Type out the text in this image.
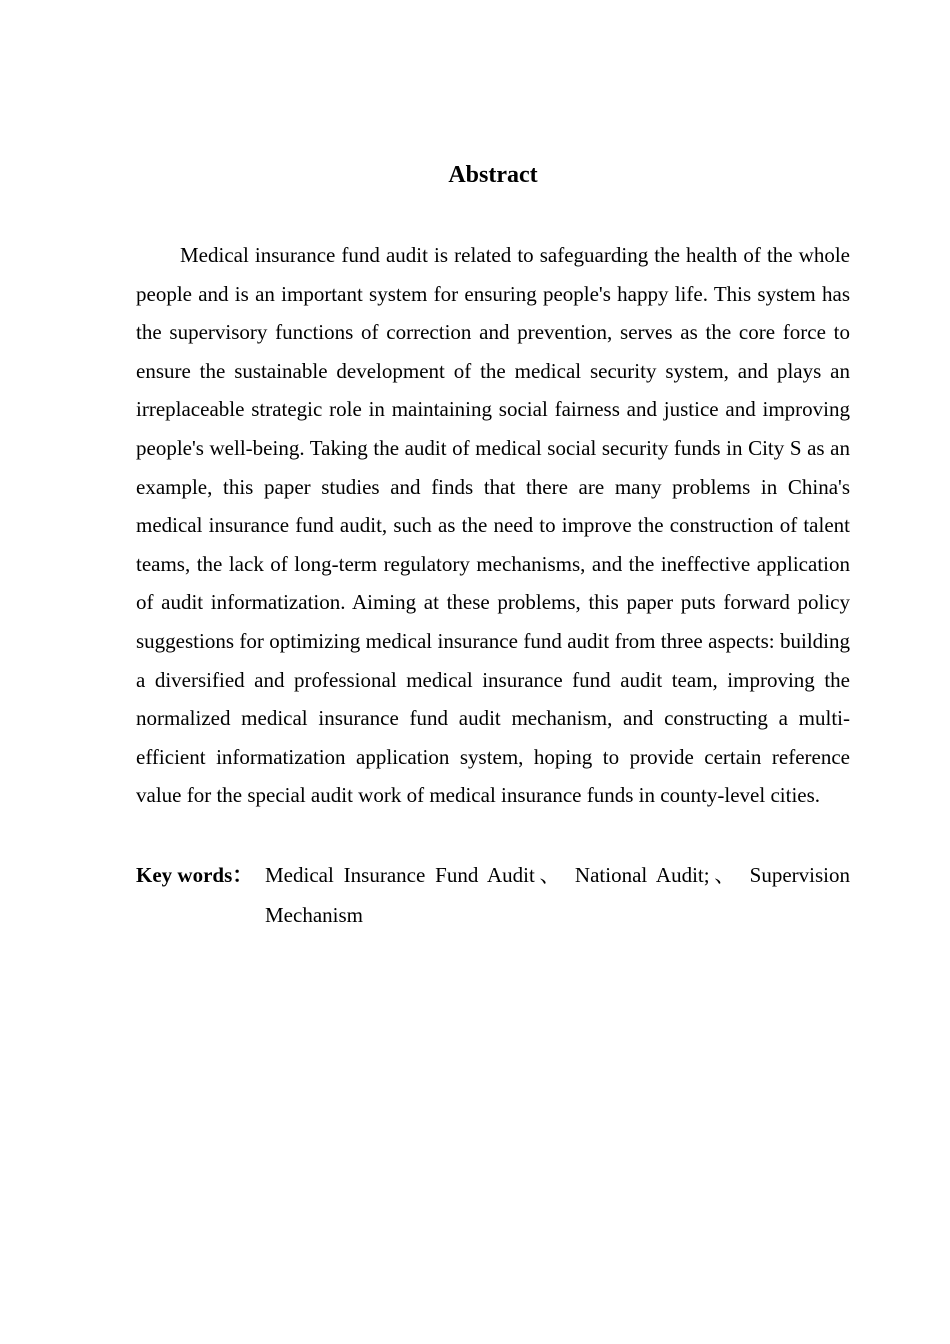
Abstract

Medical insurance fund audit is related to safeguarding the health of the whole people and is an important system for ensuring people's happy life. This system has the supervisory functions of correction and prevention, serves as the core force to ensure the sustainable development of the medical security system, and plays an irreplaceable strategic role in maintaining social fairness and justice and improving people's well-being. Taking the audit of medical social security funds in City S as an example, this paper studies and finds that there are many problems in China's medical insurance fund audit, such as the need to improve the construction of talent teams, the lack of long-term regulatory mechanisms, and the ineffective application of audit informatization. Aiming at these problems, this paper puts forward policy suggestions for optimizing medical insurance fund audit from three aspects: building a diversified and professional medical insurance fund audit team, improving the normalized medical insurance fund audit mechanism, and constructing a multi-efficient informatization application system, hoping to provide certain reference value for the special audit work of medical insurance funds in county-level cities.

Key words： Medical Insurance Fund Audit、 National Audit;、 Supervision Mechanism
